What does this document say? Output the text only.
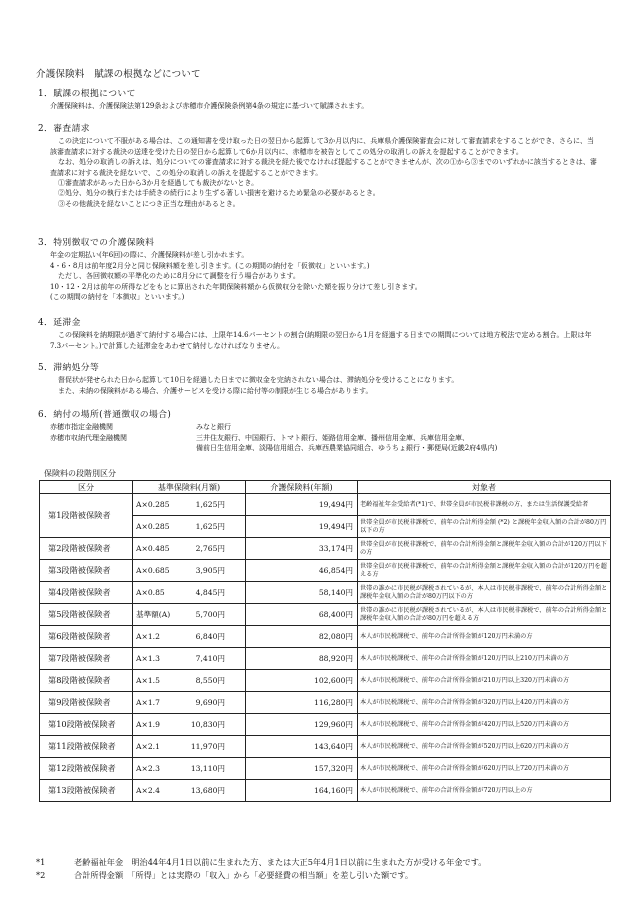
介護保険料　賦課の根拠などについて
1．賦課の根拠について

介護保険料は、介護保険法第129条および赤穂市介護保険条例第4条の規定に基づいて賦課されます。

2．審査請求

この決定について不服がある場合は、この通知書を受け取った日の翌日から起算して3か月以内に、兵庫県介護保険審査会に対して審査請求をすることができ、さらに、当該審査請求に対する裁決の送達を受けた日の翌日から起算して6か月以内に、赤穂市を被告としてこの処分の取消しの訴えを提起することができます。

なお、処分の取消しの訴えは、処分についての審査請求に対する裁決を経た後でなければ提起することができませんが、次の①から③までのいずれかに該当するときは、審査請求に対する裁決を経ないで、この処分の取消しの訴えを提起することができます。

①審査請求があった日から3か月を経過しても裁決がないとき。

②処分、処分の執行または手続きの続行により生ずる著しい損害を避けるため緊急の必要があるとき。

③その他裁決を経ないことにつき正当な理由があるとき。

3．特別徴収での介護保険料

年金の定期払い(年6回)の際に、介護保険料が差し引かれます。

4・6・8月は前年度2月分と同じ保険料額を差し引きます。(この期間の納付を「仮徴収」といいます。)

ただし、各回徴収額の平準化のために8月分にて調整を行う場合があります。

10・12・2月は前年の所得などをもとに算出された年間保険料額から仮徴収分を除いた額を振り分けて差し引きます。

(この期間の納付を「本徴収」といいます。)

4．延滞金

この保険料を納期限が過ぎて納付する場合には、上限年14.6パーセントの割合(納期限の翌日から1月を経過する日までの期間については地方税法で定める割合。上限は年7.3パーセント。)で計算した延滞金をあわせて納付しなければなりません。

5．滞納処分等

督促状が発せられた日から起算して10日を経過した日までに徴収金を完納されない場合は、滞納処分を受けることになります。

また、未納の保険料がある場合、介護サービスを受ける際に給付等の制限が生じる場合があります。

6．納付の場所(普通徴収の場合)
赤穂市指定金融機関	みなと銀行
赤穂市収納代理金融機関	三井住友銀行、中国銀行、トマト銀行、姫路信用金庫、播州信用金庫、兵庫信用金庫、
備前日生信用金庫、淡陽信用組合、兵庫西農業協同組合、ゆうちょ銀行・郵便局(近畿2府4県内)
保険料の段階別区分
区分	基準保険料(月額)	介護保険料(年額)	対象者
第1段階被保険者	A×0.285 1,625円	19,494円	老齢福祉年金受給者(*1)で、世帯全員が市民税非課税の方、または生活保護受給者
	A×0.285 1,625円	19,494円	世帯全員が市民税非課税で、前年の合計所得金額 (*2) と課税年金収入額の合計が80万円以下の方
第2段階被保険者	A×0.485 2,765円	33,174円	世帯全員が市民税非課税で、前年の合計所得金額と課税年金収入額の合計が120万円以下の方
第3段階被保険者	A×0.685 3,905円	46,854円	世帯全員が市民税非課税で、前年の合計所得金額と課税年金収入額の合計が120万円を超える方
第4段階被保険者	A×0.85 4,845円	58,140円	世帯の誰かに市民税が課税されているが、本人は市民税非課税で、前年の合計所得金額と課税年金収入額の合計が80万円以下の方
第5段階被保険者	基準額(A) 5,700円	68,400円	世帯の誰かに市民税が課税されているが、本人は市民税非課税で、前年の合計所得金額と課税年金収入額の合計が80万円を超える方
第6段階被保険者	A×1.2 6,840円	82,080円	本人が市民税課税で、前年の合計所得金額が120万円未満の方
第7段階被保険者	A×1.3 7,410円	88,920円	本人が市民税課税で、前年の合計所得金額が120万円以上210万円未満の方
第8段階被保険者	A×1.5 8,550円	102,600円	本人が市民税課税で、前年の合計所得金額が210万円以上320万円未満の方
第9段階被保険者	A×1.7 9,690円	116,280円	本人が市民税課税で、前年の合計所得金額が320万円以上420万円未満の方
第10段階被保険者	A×1.9 10,830円	129,960円	本人が市民税課税で、前年の合計所得金額が420万円以上520万円未満の方
第11段階被保険者	A×2.1 11,970円	143,640円	本人が市民税課税で、前年の合計所得金額が520万円以上620万円未満の方
第12段階被保険者	A×2.3 13,110円	157,320円	本人が市民税課税で、前年の合計所得金額が620万円以上720万円未満の方
第13段階被保険者	A×2.4 13,680円	164,160円	本人が市民税課税で、前年の合計所得金額が720万円以上の方
*1	老齢福祉年金　明治44年4月1日以前に生まれた方、または大正5年4月1日以前に生まれた方が受ける年金です。
*2	合計所得金額　「所得」とは実際の「収入」から「必要経費の相当額」を差し引いた額です。
